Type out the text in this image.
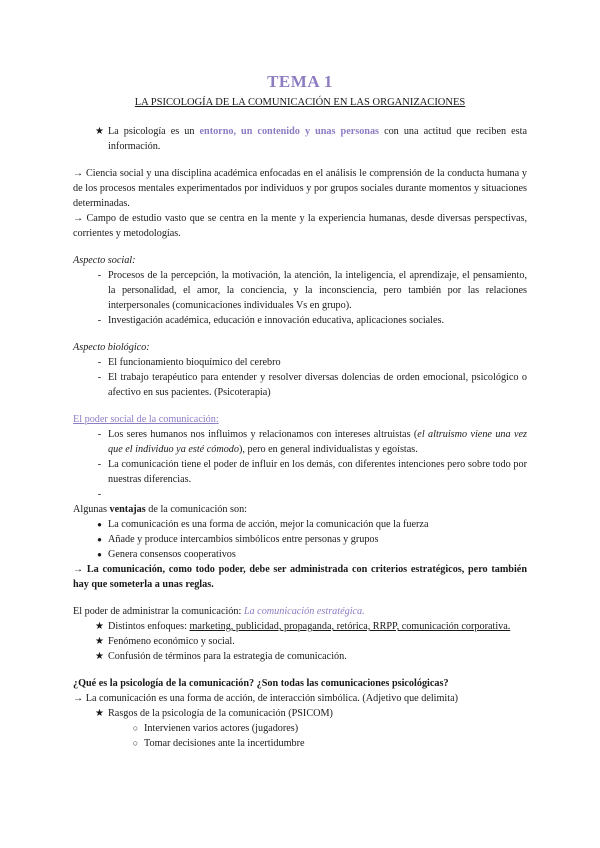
TEMA 1
LA PSICOLOGÍA DE LA COMUNICACIÓN EN LAS ORGANIZACIONES
★ La psicología es un entorno, un contenido y unas personas con una actitud que reciben esta información.

→ Ciencia social y una disciplina académica enfocadas en el análisis le comprensión de la conducta humana y de los procesos mentales experimentados por individuos y por grupos sociales durante momentos y situaciones determinadas.

→ Campo de estudio vasto que se centra en la mente y la experiencia humanas, desde diversas perspectivas, corrientes y metodologías.

Aspecto social:

- Procesos de la percepción, la motivación, la atención, la inteligencia, el aprendizaje, el pensamiento, la personalidad, el amor, la conciencia, y la inconsciencia, pero también por las relaciones interpersonales (comunicaciones individuales Vs en grupo).
- Investigación académica, educación e innovación educativa, aplicaciones sociales.

Aspecto biológico:

- El funcionamiento bioquímico del cerebro
- El trabajo terapéutico para entender y resolver diversas dolencias de orden emocional, psicológico o afectivo en sus pacientes. (Psicoterapia)

El poder social de la comunicación:

- Los seres humanos nos influimos y relacionamos con intereses altruistas (el altruismo viene una vez que el individuo ya esté cómodo), pero en general individualistas y egoístas.
- La comunicación tiene el poder de influir en los demás, con diferentes intenciones pero sobre todo por nuestras diferencias.
-

Algunas ventajas de la comunicación son:

● La comunicación es una forma de acción, mejor la comunicación que la fuerza
● Añade y produce intercambios simbólicos entre personas y grupos
● Genera consensos cooperativos

→ La comunicación, como todo poder, debe ser administrada con criterios estratégicos, pero también hay que someterla a unas reglas.

El poder de administrar la comunicación: La comunicación estratégica.

★ Distintos enfoques: marketing, publicidad, propaganda, retórica, RRPP, comunicación corporativa.
★ Fenómeno económico y social.
★ Confusión de términos para la estrategia de comunicación.

¿Qué es la psicología de la comunicación? ¿Son todas las comunicaciones psicológicas?

→ La comunicación es una forma de acción, de interacción simbólica. (Adjetivo que delimita)

★ Rasgos de la psicología de la comunicación (PSICOM)
○ Intervienen varios actores (jugadores)
○ Tomar decisiones ante la incertidumbre
